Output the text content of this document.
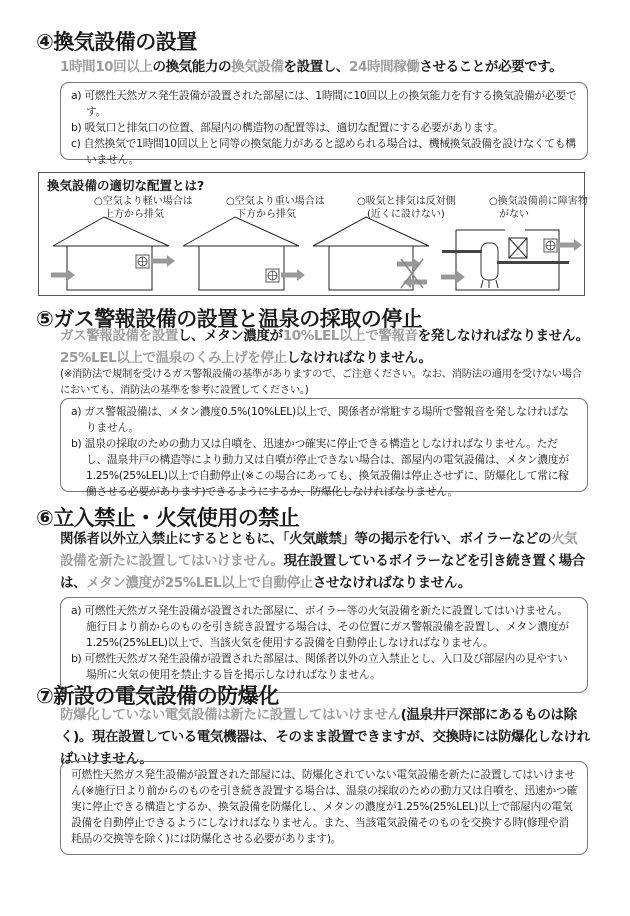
④換気設備の設置
1時間10回以上の換気能力の換気設備を設置し、24時間稼働させることが必要です。
a) 可燃性天然ガス発生設備が設置された部屋には、1時間に10回以上の換気能力を有する換気設備が必要です。
b) 吸気口と排気口の位置、部屋内の構造物の配置等は、適切な配置にする必要があります。
c) 自然換気で1時間10回以上と同等の換気能力があると認められる場合は、機械換気設備を設けなくても構いません。
換気設備の適切な配置とは?
○空気より軽い場合は
　上方から排気
○空気より重い場合は
　下方から排気
○吸気と排気は反対側
　(近くに設けない)
○換気設備前に障害物
　がない
⑤ガス警報設備の設置と温泉の採取の停止
ガス警報設備を設置し、メタン濃度が10%LEL以上で警報音を発しなければなりません。25%LEL以上で温泉のくみ上げを停止しなければなりません。
(※消防法で規制を受けるガス警報設備の基準がありますので、ご注意ください。なお、消防法の適用を受けない場合においても、消防法の基準を参考に設置してください。)
a) ガス警報設備は、メタン濃度0.5%(10%LEL)以上で、関係者が常駐する場所で警報音を発しなければなりません。
b) 温泉の採取のための動力又は自噴を、迅速かつ確実に停止できる構造としなければなりません。ただし、温泉井戸の構造等により動力又は自噴が停止できない場合は、部屋内の電気設備は、メタン濃度が1.25%(25%LEL)以上で自動停止(※この場合にあっても、換気設備は停止させずに、防爆化して常に稼働させる必要があります)できるようにするか、防爆化しなければなりません。
⑥立入禁止・火気使用の禁止
関係者以外立入禁止にするとともに、「火気厳禁」等の掲示を行い、ボイラーなどの火気設備を新たに設置してはいけません。現在設置しているボイラーなどを引き続き置く場合は、メタン濃度が25%LEL以上で自動停止させなければなりません。
a) 可燃性天然ガス発生設備が設置された部屋に、ボイラー等の火気設備を新たに設置してはいけません。施行日より前からのものを引き続き設置する場合は、その位置にガス警報設備を設置し、メタン濃度が1.25%(25%LEL)以上で、当該火気を使用する設備を自動停止しなければなりません。
b) 可燃性天然ガス発生設備が設置された部屋は、関係者以外の立入禁止とし、入口及び部屋内の見やすい場所に火気の使用を禁止する旨を掲示しなければなりません。
⑦新設の電気設備の防爆化
防爆化していない電気設備は新たに設置してはいけません(温泉井戸深部にあるものは除く)。現在設置している電気機器は、そのまま設置できますが、交換時には防爆化しなければいけません。
可燃性天然ガス発生設備が設置された部屋には、防爆化されていない電気設備を新たに設置してはいけません(※施行日より前からのものを引き続き設置する場合は、温泉の採取のための動力又は自噴を、迅速かつ確実に停止できる構造とするか、換気設備を防爆化し、メタンの濃度が1.25%(25%LEL)以上で部屋内の電気設備を自動停止できるようにしなければなりません。また、当該電気設備そのものを交換する時(修理や消耗品の交換等を除く)には防爆化させる必要があります)。
